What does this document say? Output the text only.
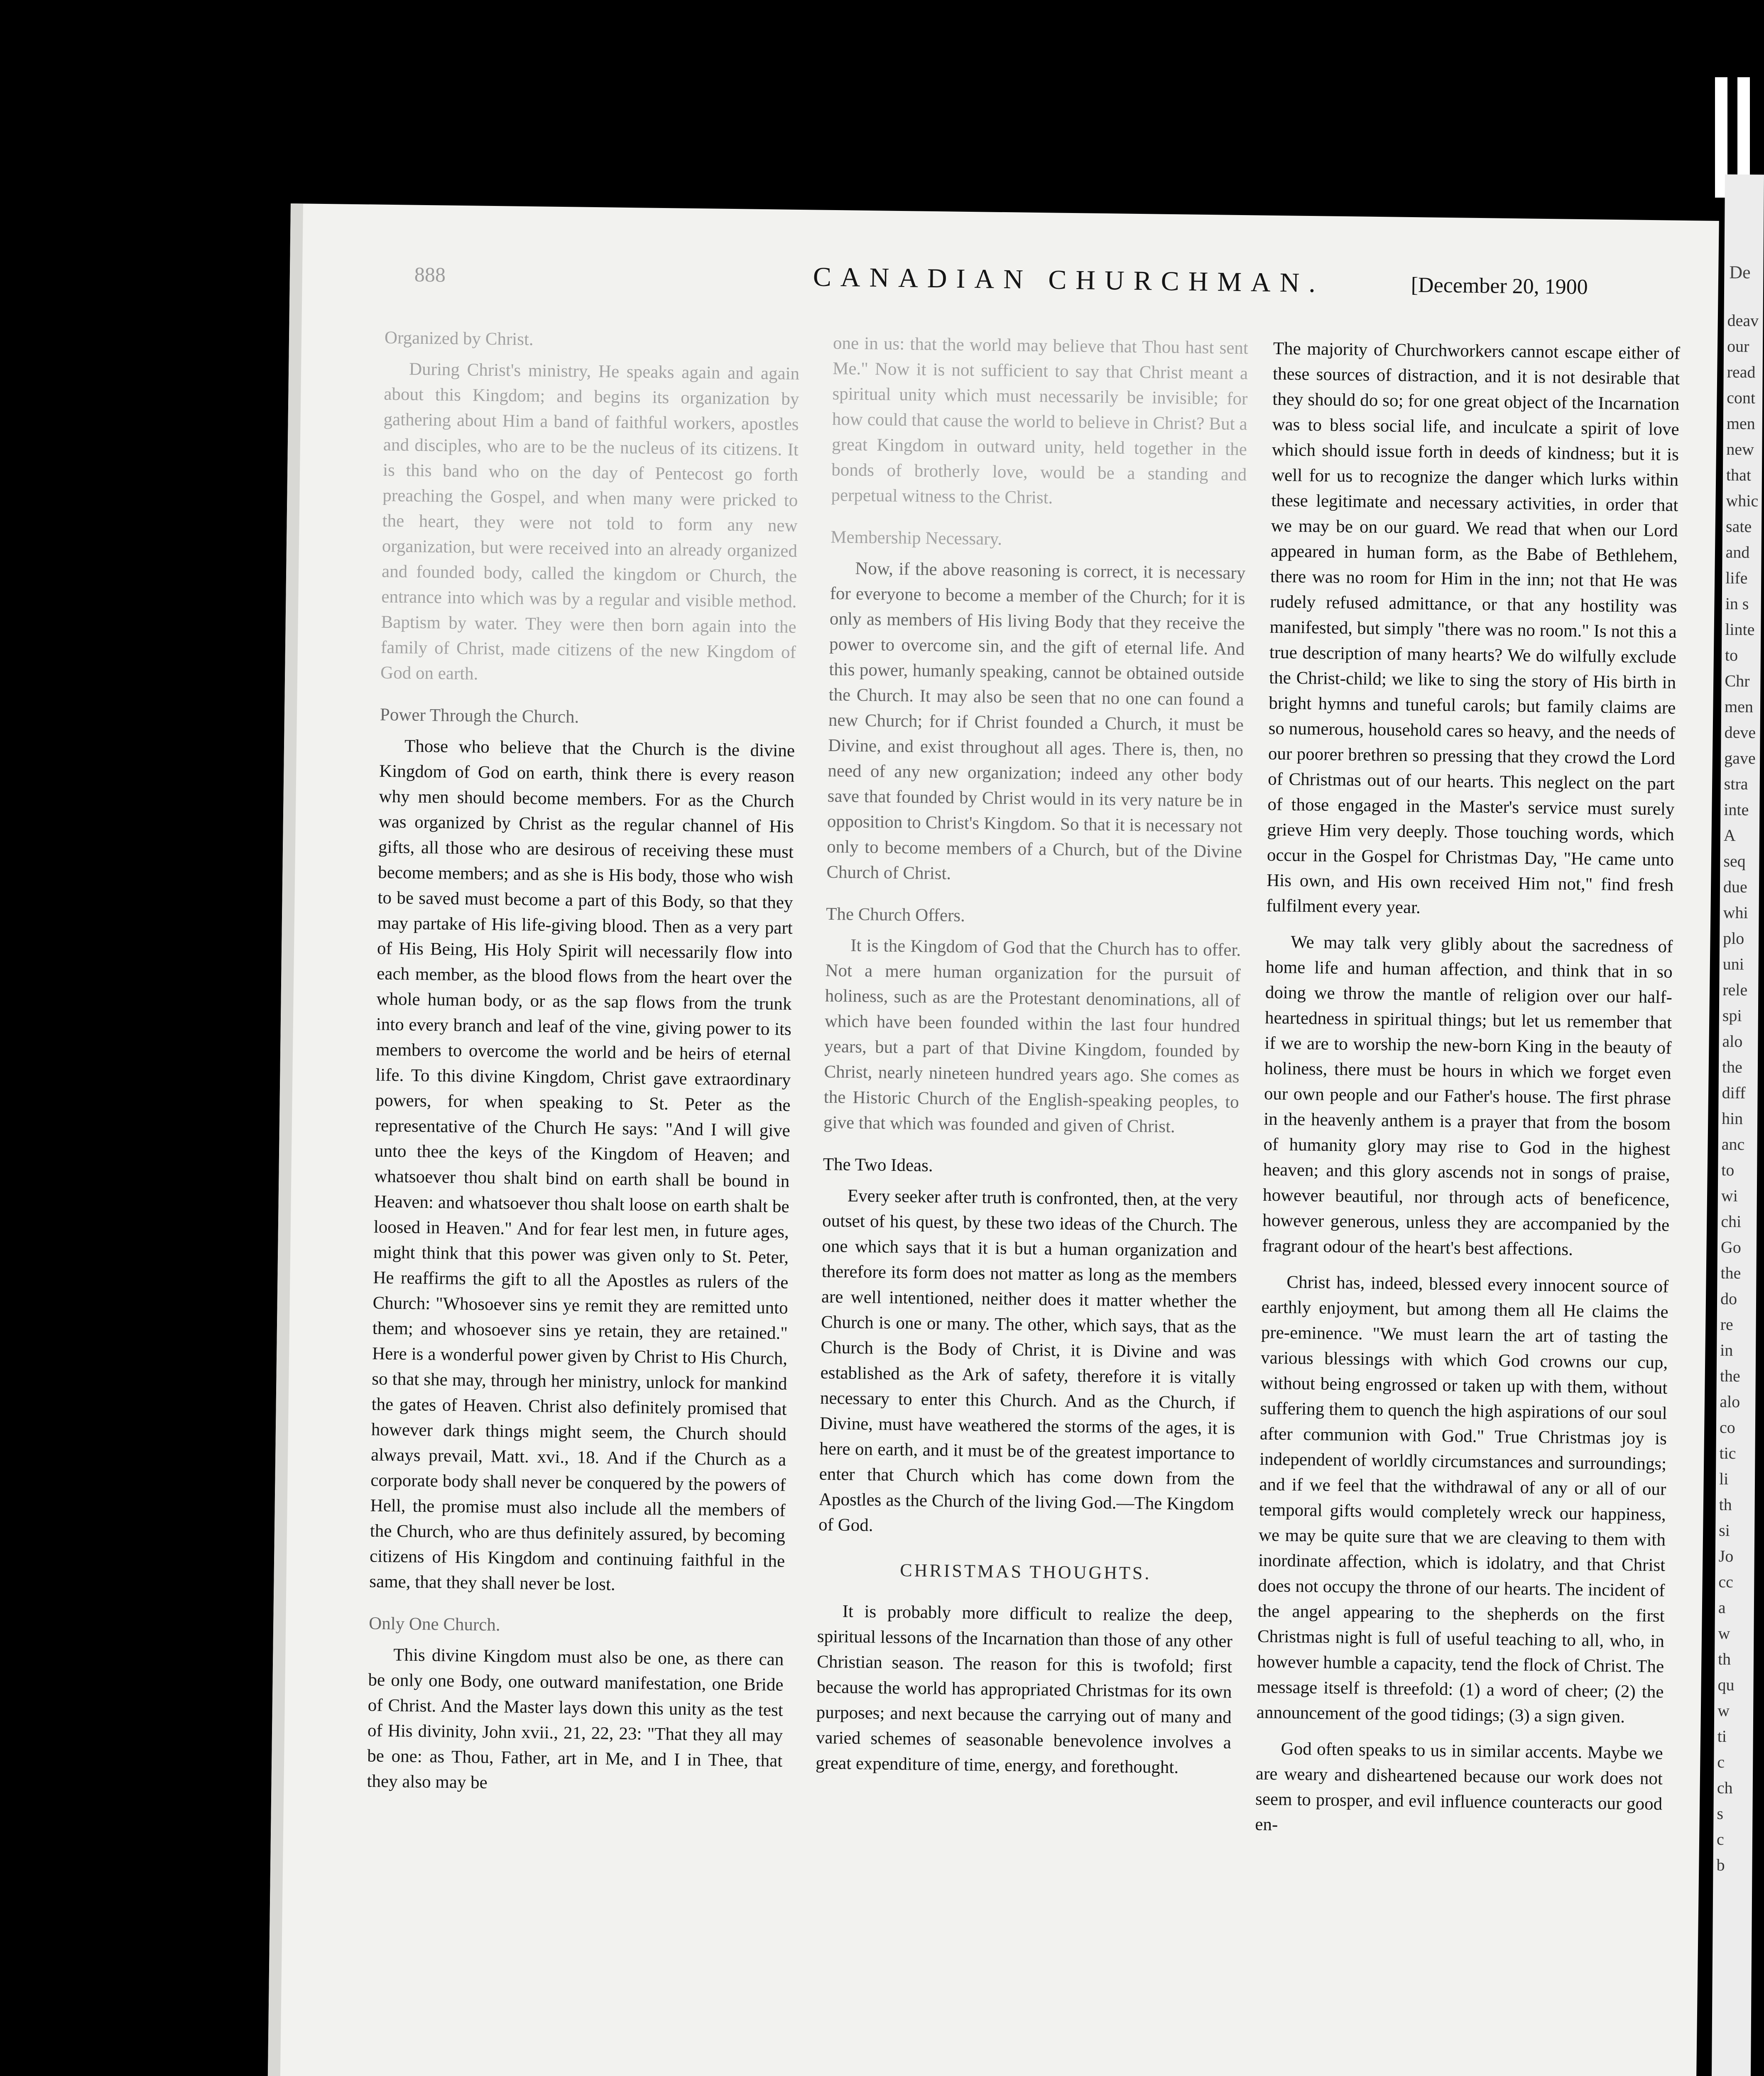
888	CANADIAN CHURCHMAN.	[December 20, 1900
Organized by Christ.

During Christ's ministry, He speaks again and again about this Kingdom; and begins its organization by gathering about Him a band of faithful workers, apostles and disciples, who are to be the nucleus of its citizens. It is this band who on the day of Pentecost go forth preaching the Gospel, and when many were pricked to the heart, they were not told to form any new organization, but were received into an already organized and founded body, called the kingdom or Church, the entrance into which was by a regular and visible method. Baptism by water. They were then born again into the family of Christ, made citizens of the new Kingdom of God on earth.

Power Through the Church.

Those who believe that the Church is the divine Kingdom of God on earth, think there is every reason why men should become members. For as the Church was organized by Christ as the regular channel of His gifts, all those who are desirous of receiving these must become members; and as she is His body, those who wish to be saved must become a part of this Body, so that they may partake of His life-giving blood. Then as a very part of His Being, His Holy Spirit will necessarily flow into each member, as the blood flows from the heart over the whole human body, or as the sap flows from the trunk into every branch and leaf of the vine, giving power to its members to overcome the world and be heirs of eternal life. To this divine Kingdom, Christ gave extraordinary powers, for when speaking to St. Peter as the representative of the Church He says: "And I will give unto thee the keys of the Kingdom of Heaven; and whatsoever thou shalt bind on earth shall be bound in Heaven: and whatsoever thou shalt loose on earth shalt be loosed in Heaven." And for fear lest men, in future ages, might think that this power was given only to St. Peter, He reaffirms the gift to all the Apostles as rulers of the Church: "Whosoever sins ye remit they are remitted unto them; and whosoever sins ye retain, they are retained." Here is a wonderful power given by Christ to His Church, so that she may, through her ministry, unlock for mankind the gates of Heaven. Christ also definitely promised that however dark things might seem, the Church should always prevail, Matt. xvi., 18. And if the Church as a corporate body shall never be conquered by the powers of Hell, the promise must also include all the members of the Church, who are thus definitely assured, by becoming citizens of His Kingdom and continuing faithful in the same, that they shall never be lost.

Only One Church.

This divine Kingdom must also be one, as there can be only one Body, one outward manifestation, one Bride of Christ. And the Master lays down this unity as the test of His divinity, John xvii., 21, 22, 23: "That they all may be one: as Thou, Father, art in Me, and I in Thee, that they also may be

one in us: that the world may believe that Thou hast sent Me." Now it is not sufficient to say that Christ meant a spiritual unity which must necessarily be invisible; for how could that cause the world to believe in Christ? But a great Kingdom in outward unity, held together in the bonds of brotherly love, would be a standing and perpetual witness to the Christ.

Membership Necessary.

Now, if the above reasoning is correct, it is necessary for everyone to become a member of the Church; for it is only as members of His living Body that they receive the power to overcome sin, and the gift of eternal life. And this power, humanly speaking, cannot be obtained outside the Church. It may also be seen that no one can found a new Church; for if Christ founded a Church, it must be Divine, and exist throughout all ages. There is, then, no need of any new organization; indeed any other body save that founded by Christ would in its very nature be in opposition to Christ's Kingdom. So that it is necessary not only to become members of a Church, but of the Divine Church of Christ.

The Church Offers.

It is the Kingdom of God that the Church has to offer. Not a mere human organization for the pursuit of holiness, such as are the Protestant denominations, all of which have been founded within the last four hundred years, but a part of that Divine Kingdom, founded by Christ, nearly nineteen hundred years ago. She comes as the Historic Church of the English-speaking peoples, to give that which was founded and given of Christ.

The Two Ideas.

Every seeker after truth is confronted, then, at the very outset of his quest, by these two ideas of the Church. The one which says that it is but a human organization and therefore its form does not matter as long as the members are well intentioned, neither does it matter whether the Church is one or many. The other, which says, that as the Church is the Body of Christ, it is Divine and was established as the Ark of safety, therefore it is vitally necessary to enter this Church. And as the Church, if Divine, must have weathered the storms of the ages, it is here on earth, and it must be of the greatest importance to enter that Church which has come down from the Apostles as the Church of the living God.—The Kingdom of God.

CHRISTMAS THOUGHTS.

It is probably more difficult to realize the deep, spiritual lessons of the Incarnation than those of any other Christian season. The reason for this is twofold; first because the world has appropriated Christmas for its own purposes; and next because the carrying out of many and varied schemes of seasonable benevolence involves a great expenditure of time, energy, and forethought.

The majority of Churchworkers cannot escape either of these sources of distraction, and it is not desirable that they should do so; for one great object of the Incarnation was to bless social life, and inculcate a spirit of love which should issue forth in deeds of kindness; but it is well for us to recognize the danger which lurks within these legitimate and necessary activities, in order that we may be on our guard. We read that when our Lord appeared in human form, as the Babe of Bethlehem, there was no room for Him in the inn; not that He was rudely refused admittance, or that any hostility was manifested, but simply "there was no room." Is not this a true description of many hearts? We do wilfully exclude the Christ-child; we like to sing the story of His birth in bright hymns and tuneful carols; but family claims are so numerous, household cares so heavy, and the needs of our poorer brethren so pressing that they crowd the Lord of Christmas out of our hearts. This neglect on the part of those engaged in the Master's service must surely grieve Him very deeply. Those touching words, which occur in the Gospel for Christmas Day, "He came unto His own, and His own received Him not," find fresh fulfilment every year.

We may talk very glibly about the sacredness of home life and human affection, and think that in so doing we throw the mantle of religion over our half-heartedness in spiritual things; but let us remember that if we are to worship the new-born King in the beauty of holiness, there must be hours in which we forget even our own people and our Father's house. The first phrase in the heavenly anthem is a prayer that from the bosom of humanity glory may rise to God in the highest heaven; and this glory ascends not in songs of praise, however beautiful, nor through acts of beneficence, however generous, unless they are accompanied by the fragrant odour of the heart's best affections.

Christ has, indeed, blessed every innocent source of earthly enjoyment, but among them all He claims the pre-eminence. "We must learn the art of tasting the various blessings with which God crowns our cup, without being engrossed or taken up with them, without suffering them to quench the high aspirations of our soul after communion with God." True Christmas joy is independent of worldly circumstances and surroundings; and if we feel that the withdrawal of any or all of our temporal gifts would completely wreck our happiness, we may be quite sure that we are cleaving to them with inordinate affection, which is idolatry, and that Christ does not occupy the throne of our hearts. The incident of the angel appearing to the shepherds on the first Christmas night is full of useful teaching to all, who, in however humble a capacity, tend the flock of Christ. The message itself is threefold: (1) a word of cheer; (2) the announcement of the good tidings; (3) a sign given.

God often speaks to us in similar accents. Maybe we are weary and disheartened because our work does not seem to prosper, and evil influence counteracts our good en-

De
deav
our
read
cont
men
new
that
whic
sate
and
life
in s
linte
to
Chr
men
deve
gave
stra
inte
A
seq
due
whi
plo
uni
rele
spi
alo
the
diff
hin
anc
to
wi
chi
Go
the
do
re
in
the
alo
co
tic
li
th
si
Jo
cc
a
w
th
qu
w
ti
c
ch
s
c
b
